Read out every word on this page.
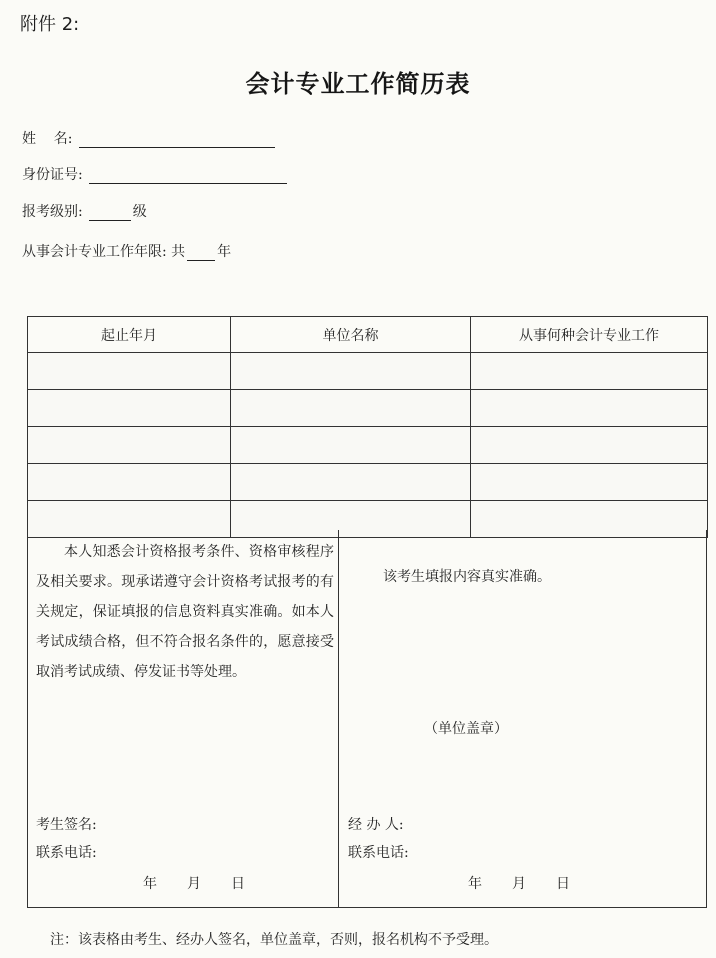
附件 2:
会计专业工作简历表
姓    名:
身份证号:
报考级别:	级
从事会计专业工作年限: 共 年
起止年月	单位名称	从事何种会计专业工作

本人知悉会计资格报考条件、资格审核程序及相关要求。现承诺遵守会计资格考试报考的有关规定，保证填报的信息资料真实准确。如本人考试成绩合格，但不符合报名条件的，愿意接受取消考试成绩、停发证书等处理。

该考生填报内容真实准确。
（单位盖章）
考生签名:
联系电话:
经 办 人:
联系电话:
年 月 日	年 月 日
注：该表格由考生、经办人签名，单位盖章，否则，报名机构不予受理。
